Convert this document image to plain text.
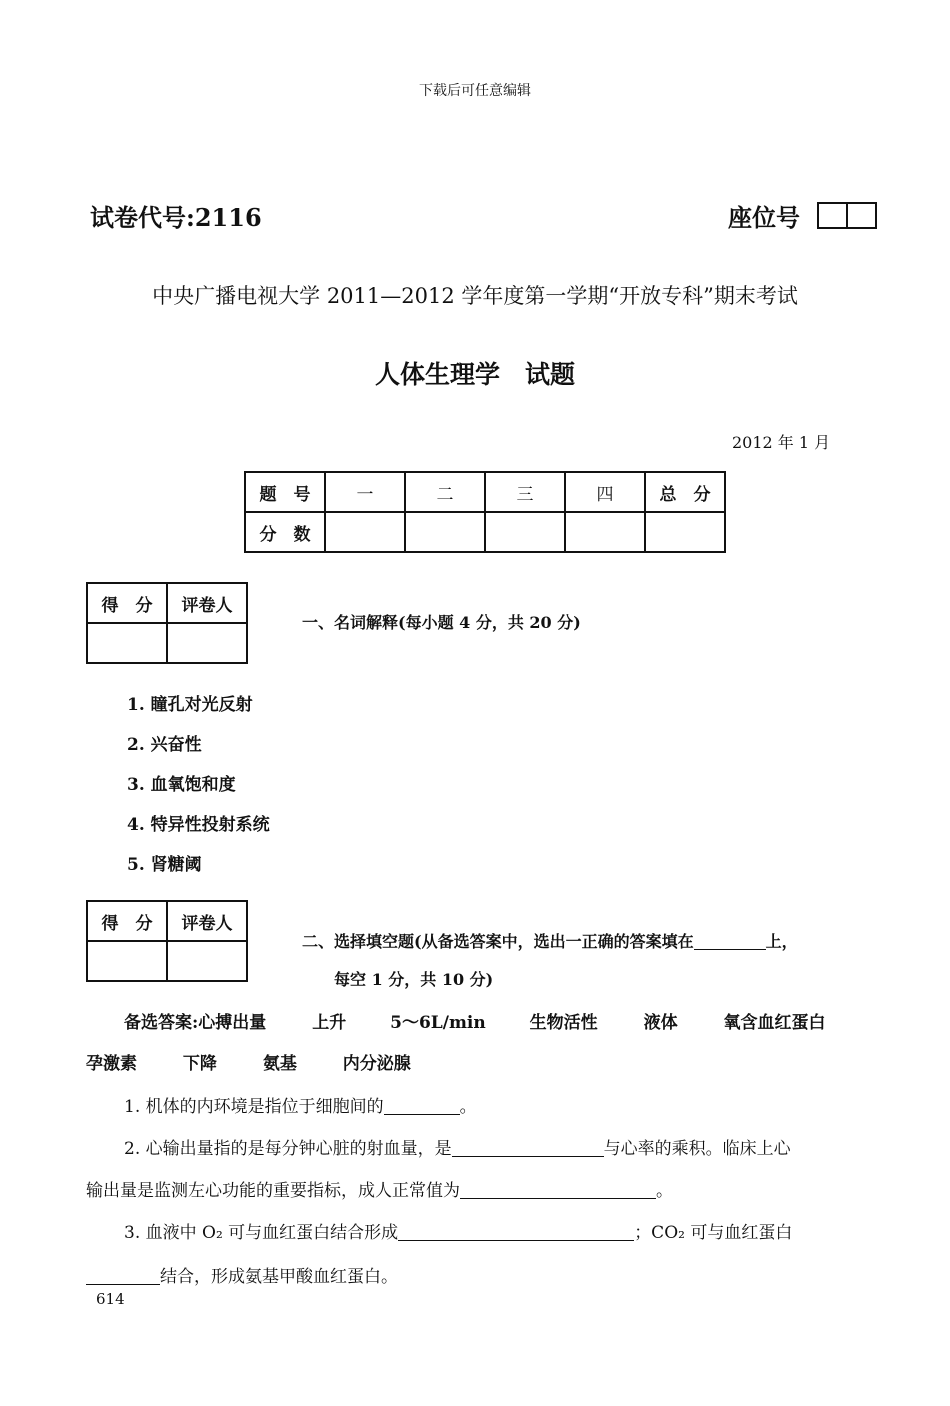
下载后可任意编辑
试卷代号:2116	座位号
中央广播电视大学 2011—2012 学年度第一学期“开放专科”期末考试
人体生理学　试题
2012 年 1 月
题　号	一	二	三	四	总　分
分　数					
得　分	评卷人

一、名词解释(每小题 4 分，共 20 分)
1. 瞳孔对光反射
2. 兴奋性
3. 血氧饱和度
4. 特异性投射系统
5. 肾糖阈
得　分	评卷人

二、选择填空题(从备选答案中，选出一正确的答案填在	上，
每空 1 分，共 10 分)
备选答案:心搏出量	上升	5～6L/min	生物活性	液体	氧含血红蛋白
孕激素	下降	氨基	内分泌腺
1. 机体的内环境是指位于细胞间的	。
2. 心输出量指的是每分钟心脏的射血量，是	与心率的乘积。临床上心
输出量是监测左心功能的重要指标，成人正常值为	。
3. 血液中 O₂ 可与血红蛋白结合形成	；CO₂ 可与血红蛋白
结合，形成氨基甲酸血红蛋白。
614
